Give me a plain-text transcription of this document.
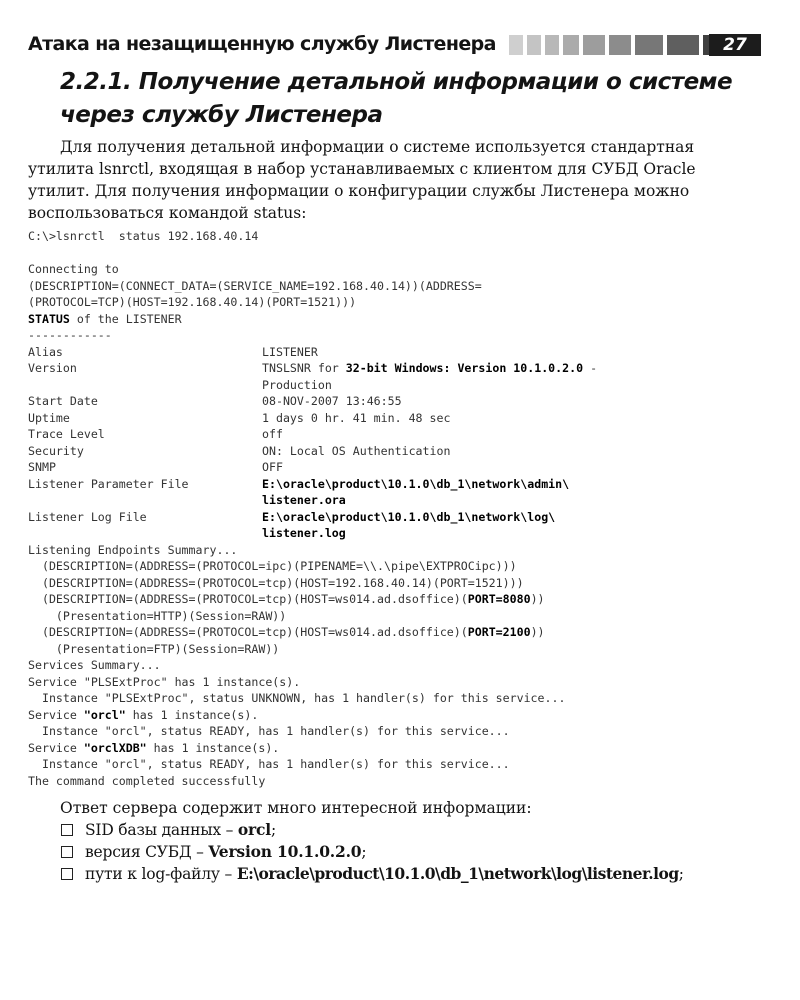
Атака на незащищенную службу Листенера	27
2.2.1. Получение детальной информации о системе
через службу Листенера
Для получения детальной информации о системе используется стандартная
утилита lsnrctl, входящая в набор устанавливаемых с клиентом для СУБД Oracle
утилит. Для получения информации о конфигурации службы Листенера можно
воспользоваться командой status:
C:\>lsnrctl  status 192.168.40.14
Connecting to
(DESCRIPTION=(CONNECT_DATA=(SERVICE_NAME=192.168.40.14))(ADDRESS=
(PROTOCOL=TCP)(HOST=192.168.40.14)(PORT=1521)))
STATUS of the LISTENER
------------
Alias	LISTENER
Version	TNSLSNR for 32-bit Windows: Version 10.1.0.2.0 -
Production
Start Date	08-NOV-2007 13:46:55
Uptime	1 days 0 hr. 41 min. 48 sec
Trace Level	off
Security	ON: Local OS Authentication
SNMP	OFF
Listener Parameter File	E:\oracle\product\10.1.0\db_1\network\admin\
listener.ora
Listener Log File	E:\oracle\product\10.1.0\db_1\network\log\
listener.log
Listening Endpoints Summary...
(DESCRIPTION=(ADDRESS=(PROTOCOL=ipc)(PIPENAME=\\.\pipe\EXTPROCipc)))
(DESCRIPTION=(ADDRESS=(PROTOCOL=tcp)(HOST=192.168.40.14)(PORT=1521)))
(DESCRIPTION=(ADDRESS=(PROTOCOL=tcp)(HOST=ws014.ad.dsoffice)(PORT=8080))
(Presentation=HTTP)(Session=RAW))
(DESCRIPTION=(ADDRESS=(PROTOCOL=tcp)(HOST=ws014.ad.dsoffice)(PORT=2100))
(Presentation=FTP)(Session=RAW))
Services Summary...
Service "PLSExtProc" has 1 instance(s).
Instance "PLSExtProc", status UNKNOWN, has 1 handler(s) for this service...
Service "orcl" has 1 instance(s).
Instance "orcl", status READY, has 1 handler(s) for this service...
Service "orclXDB" has 1 instance(s).
Instance "orcl", status READY, has 1 handler(s) for this service...
The command completed successfully
Ответ сервера содержит много интересной информации:
SID базы данных – orcl;
версия СУБД – Version 10.1.0.2.0;
пути к log-файлу – E:\oracle\product\10.1.0\db_1\network\log\listener.log;
